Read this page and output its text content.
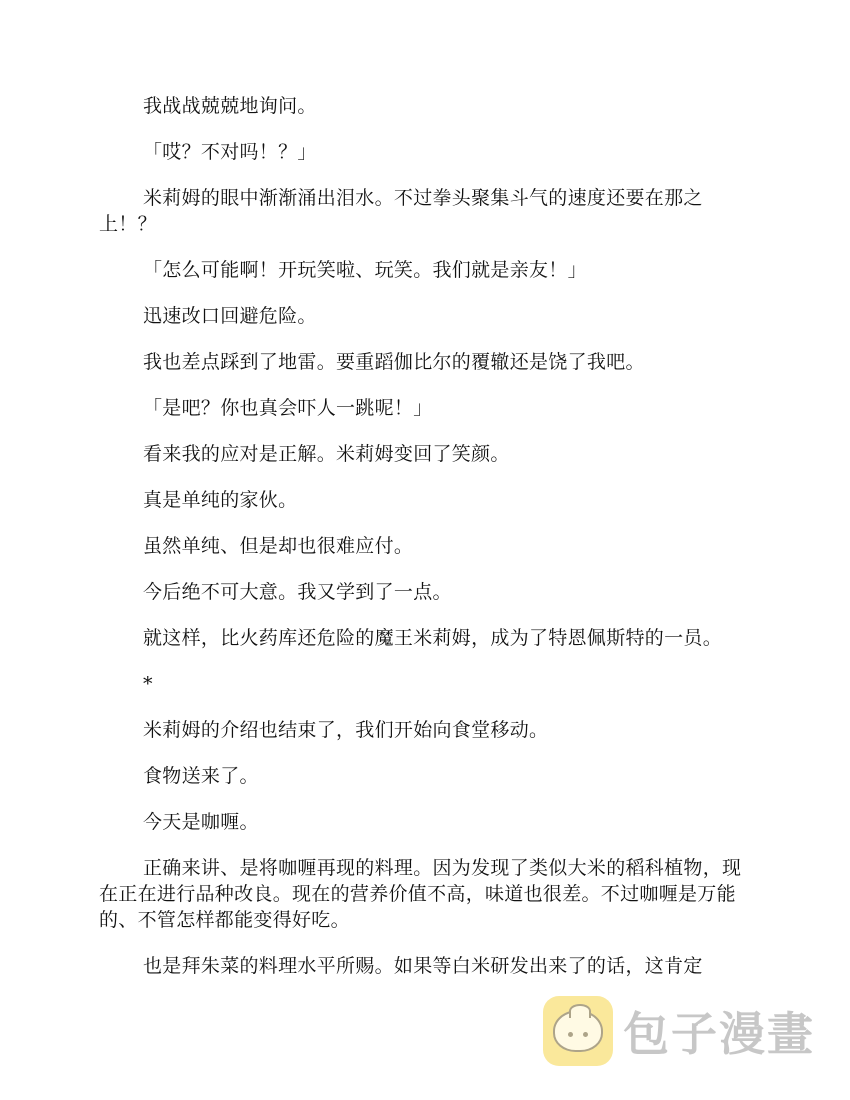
我战战兢兢地询问。

「哎？不对吗！？」

米莉姆的眼中渐渐涌出泪水。不过拳头聚集斗气的速度还要在那之上！？

「怎么可能啊！开玩笑啦、玩笑。我们就是亲友！」

迅速改口回避危险。

我也差点踩到了地雷。要重蹈伽比尔的覆辙还是饶了我吧。

「是吧？你也真会吓人一跳呢！」

看来我的应对是正解。米莉姆变回了笑颜。

真是单纯的家伙。

虽然单纯、但是却也很难应付。

今后绝不可大意。我又学到了一点。

就这样，比火药库还危险的魔王米莉姆，成为了特恩佩斯特的一员。

*

米莉姆的介绍也结束了，我们开始向食堂移动。

食物送来了。

今天是咖喱。

正确来讲、是将咖喱再现的料理。因为发现了类似大米的稻科植物，现在正在进行品种改良。现在的营养价值不高，味道也很差。不过咖喱是万能的、不管怎样都能变得好吃。

也是拜朱菜的料理水平所赐。如果等白米研发出来了的话，这肯定

包子漫畫
